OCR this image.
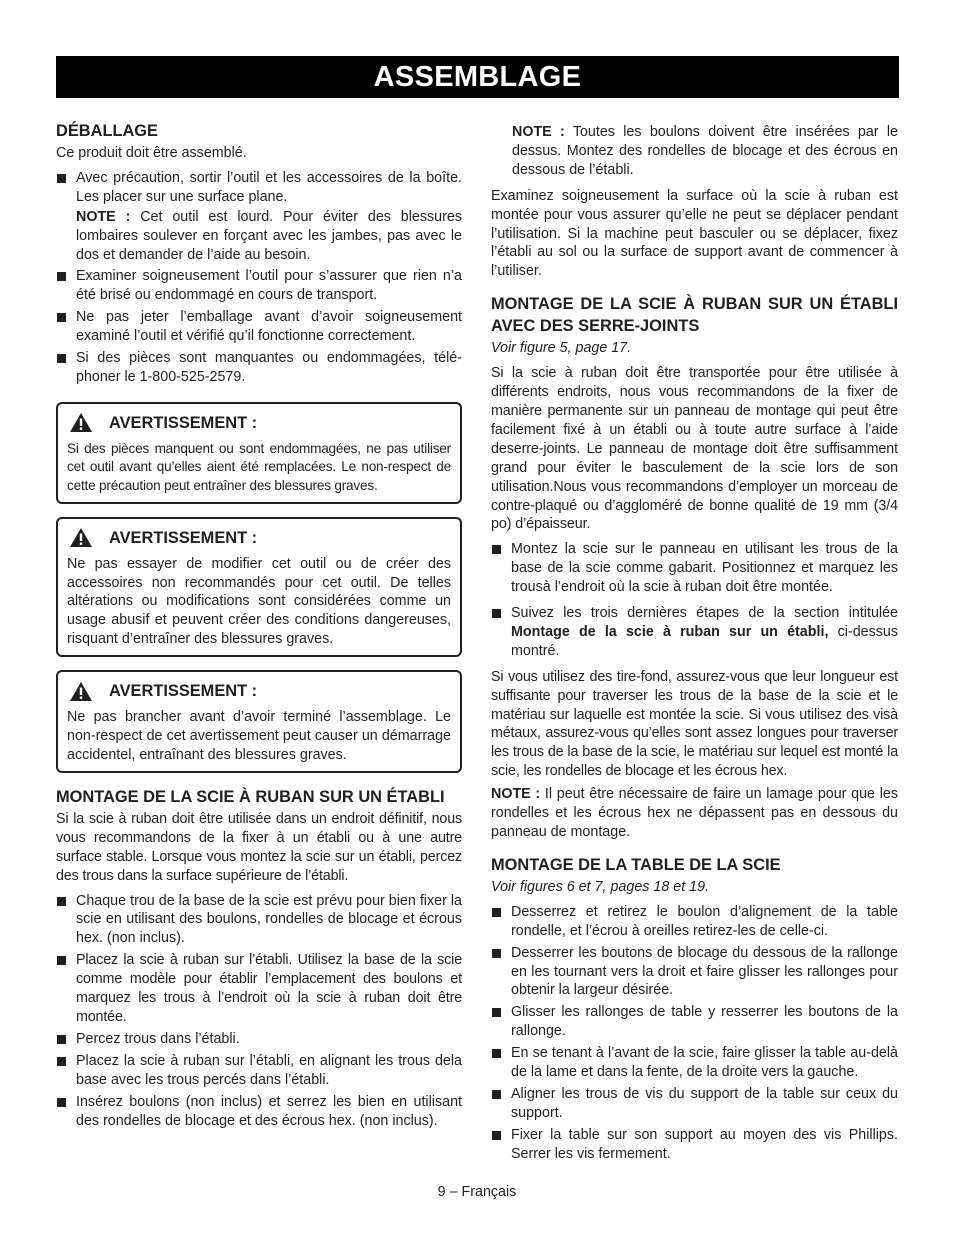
ASSEMBLAGE
DÉBALLAGE

Ce produit doit être assemblé.

Avec précaution, sortir l’outil et les accessoires de la boîte. Les placer sur une surface plane.
NOTE : Cet outil est lourd. Pour éviter des blessures lombaires soulever en forçant avec les jambes, pas avec le dos et demander de l’aide au besoin.
Examiner soigneusement l’outil pour s’assurer que rien n’a été brisé ou endommagé en cours de transport.
Ne pas jeter l’emballage avant d’avoir soigneusement examiné l’outil et vérifié qu’il fonctionne correctement.
Si des pièces sont manquantes ou endommagées, téléphoner le 1-800-525-2579.
AVERTISSEMENT :

Si des pièces manquent ou sont endommagées, ne pas utiliser cet outil avant qu’elles aient été remplacées. Le non-respect de cette précaution peut entraîner des blessures graves.

AVERTISSEMENT :

Ne pas essayer de modifier cet outil ou de créer des accessoires non recommandés pour cet outil. De telles altérations ou modifications sont considérées comme un usage abusif et peuvent créer des conditions dangereuses, risquant d’entraîner des blessures graves.

AVERTISSEMENT :

Ne pas brancher avant d’avoir terminé l’assemblage. Le non-respect de cet avertissement peut causer un démarrage accidentel, entraînant des blessures graves.

MONTAGE DE LA SCIE À RUBAN SUR UN ÉTABLI

Si la scie à ruban doit être utilisée dans un endroit définitif, nous vous recommandons de la fixer à un établi ou à une autre surface stable. Lorsque vous montez la scie sur un établi, percez des trous dans la surface supérieure de l’établi.

Chaque trou de la base de la scie est prévu pour bien fixer la scie en utilisant des boulons, rondelles de blocage et écrous hex. (non inclus).
Placez la scie à ruban sur l’établi. Utilisez la base de la scie comme modèle pour établir l’emplacement des boulons et marquez les trous à l’endroit où la scie à ruban doit être montée.
Percez trous dans l’établi.
Placez la scie à ruban sur l’établi, en alignant les trous dela base avec les trous percés dans l’établi.
Insérez boulons (non inclus) et serrez les bien en utilisant des rondelles de blocage et des écrous hex. (non inclus).

NOTE : Toutes les boulons doivent être insérées par le dessus. Montez des rondelles de blocage et des écrous en dessous de l’établi.

Examinez soigneusement la surface où la scie à ruban est montée pour vous assurer qu’elle ne peut se déplacer pendant l’utilisation. Si la machine peut basculer ou se déplacer, fixez l’établi au sol ou la surface de support avant de commencer à l’utiliser.

MONTAGE DE LA SCIE À RUBAN SUR UN ÉTABLI AVEC DES SERRE-JOINTS

Voir figure 5, page 17.

Si la scie à ruban doit être transportée pour être utilisée à différents endroits, nous vous recommandons de la fixer de manière permanente sur un panneau de montage qui peut être facilement fixé à un établi ou à toute autre surface à l’aide deserre-joints. Le panneau de montage doit être suffisamment grand pour éviter le basculement de la scie lors de son utilisation.Nous vous recommandons d’employer un morceau de contre-plaqué ou d’aggloméré de bonne qualité de 19 mm (3/4 po) d’épaisseur.

Montez la scie sur le panneau en utilisant les trous de la base de la scie comme gabarit. Positionnez et marquez les trousà l’endroit où la scie à ruban doit être montée.
Suivez les trois dernières étapes de la section intitulée Montage de la scie à ruban sur un établi, ci-dessus montré.

Si vous utilisez des tire-fond, assurez-vous que leur longueur est suffisante pour traverser les trous de la base de la scie et le matériau sur laquelle est montée la scie. Si vous utilisez des visà métaux, assurez-vous qu’elles sont assez longues pour traverser les trous de la base de la scie, le matériau sur lequel est monté la scie, les rondelles de blocage et les écrous hex.

NOTE : Il peut être nécessaire de faire un lamage pour que les rondelles et les écrous hex ne dépassent pas en dessous du panneau de montage.

MONTAGE DE LA TABLE DE LA SCIE

Voir figures 6 et 7, pages 18 et 19.

Desserrez et retirez le boulon d’alignement de la table rondelle, et l’écrou à oreilles retirez-les de celle-ci.
Desserrer les boutons de blocage du dessous de la rallonge en les tournant vers la droit et faire glisser les rallonges pour obtenir la largeur désirée.
Glisser les rallonges de table y resserrer les boutons de la rallonge.
En se tenant à l’avant de la scie, faire glisser la table au-delà de la lame et dans la fente, de la droite vers la gauche.
Aligner les trous de vis du support de la table sur ceux du support.
Fixer la table sur son support au moyen des vis Phillips. Serrer les vis fermement.
9 – Français
